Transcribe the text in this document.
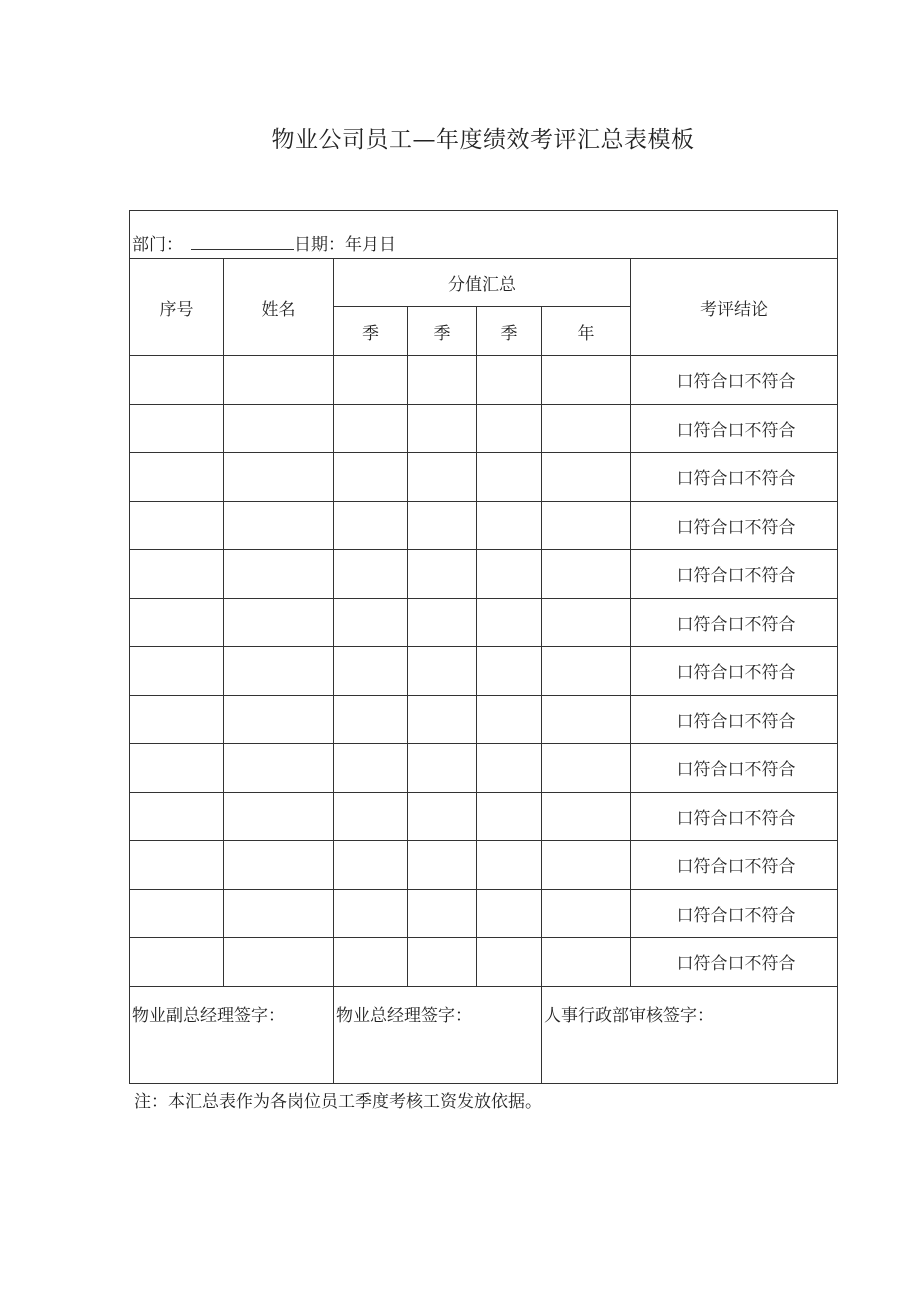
物业公司员工—年度绩效考评汇总表模板
部门： 日期：年月日						
序号	姓名	分值汇总				考评结论
		季	季	季	年	
						口符合口不符合
						口符合口不符合
						口符合口不符合
						口符合口不符合
						口符合口不符合
						口符合口不符合
						口符合口不符合
						口符合口不符合
						口符合口不符合
						口符合口不符合
						口符合口不符合
						口符合口不符合
						口符合口不符合
物业副总经理签字：		物业总经理签字：			人事行政部审核签字：	
注：本汇总表作为各岗位员工季度考核工资发放依据。
